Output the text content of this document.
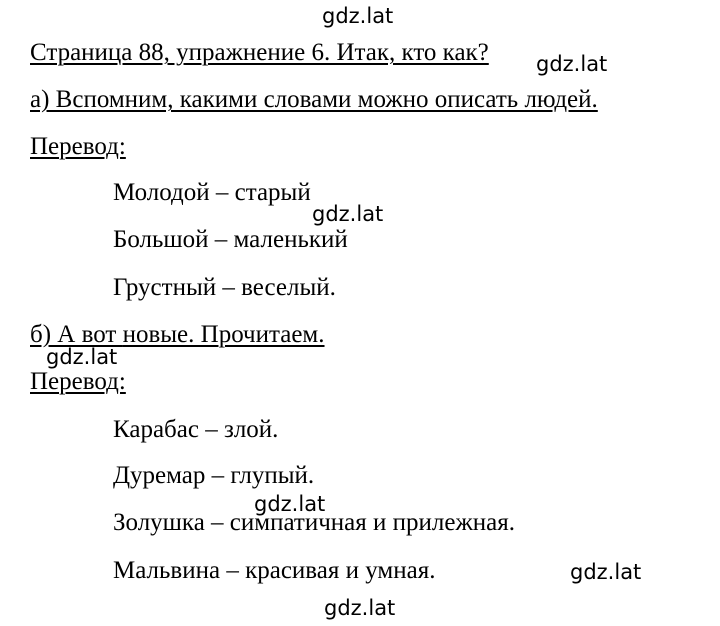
Страница 88, упражнение 6. Итак, кто как?
а) Вспомним, какими словами можно описать людей.
Перевод:
Молодой – старый
Большой – маленький
Грустный – веселый.
б) А вот новые. Прочитаем.
Перевод:
Карабас – злой.
Дуремар – глупый.
Золушка – симпатичная и прилежная.
Мальвина – красивая и умная.
gdz.lat
gdz.lat
gdz.lat
gdz.lat
gdz.lat
gdz.lat
gdz.lat
